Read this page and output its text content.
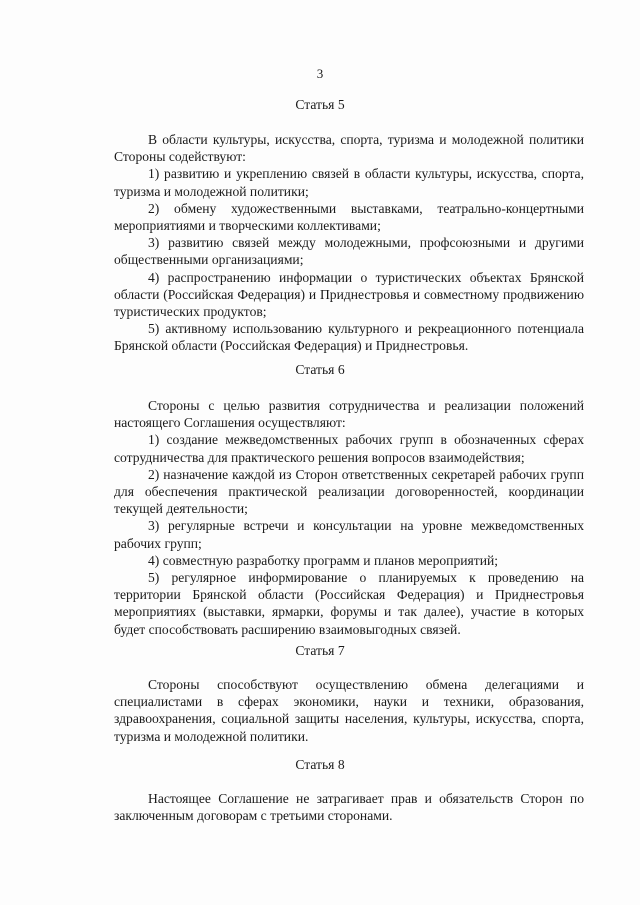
3
Статья 5

В области культуры, искусства, спорта, туризма и молодежной политики Стороны содействуют:

1) развитию и укреплению связей в области культуры, искусства, спорта, туризма и молодежной политики;

2) обмену художественными выставками, театрально-концертными мероприятиями и творческими коллективами;

3) развитию связей между молодежными, профсоюзными и другими общественными организациями;

4) распространению информации о туристических объектах Брянской области (Российская Федерация) и Приднестровья и совместному продвижению туристических продуктов;

5) активному использованию культурного и рекреационного потенциала Брянской области (Российская Федерация) и Приднестровья.

Статья 6

Стороны с целью развития сотрудничества и реализации положений настоящего Соглашения осуществляют:

1) создание межведомственных рабочих групп в обозначенных сферах сотрудничества для практического решения вопросов взаимодействия;

2) назначение каждой из Сторон ответственных секретарей рабочих групп для обеспечения практической реализации договоренностей, координации текущей деятельности;

3) регулярные встречи и консультации на уровне межведомственных рабочих групп;

4) совместную разработку программ и планов мероприятий;

5) регулярное информирование о планируемых к проведению на территории Брянской области (Российская Федерация) и Приднестровья мероприятиях (выставки, ярмарки, форумы и так далее), участие в которых будет способствовать расширению взаимовыгодных связей.

Статья 7

Стороны способствуют осуществлению обмена делегациями и специалистами в сферах экономики, науки и техники, образования, здравоохранения, социальной защиты населения, культуры, искусства, спорта, туризма и молодежной политики.

Статья 8

Настоящее Соглашение не затрагивает прав и обязательств Сторон по заключенным договорам с третьими сторонами.
